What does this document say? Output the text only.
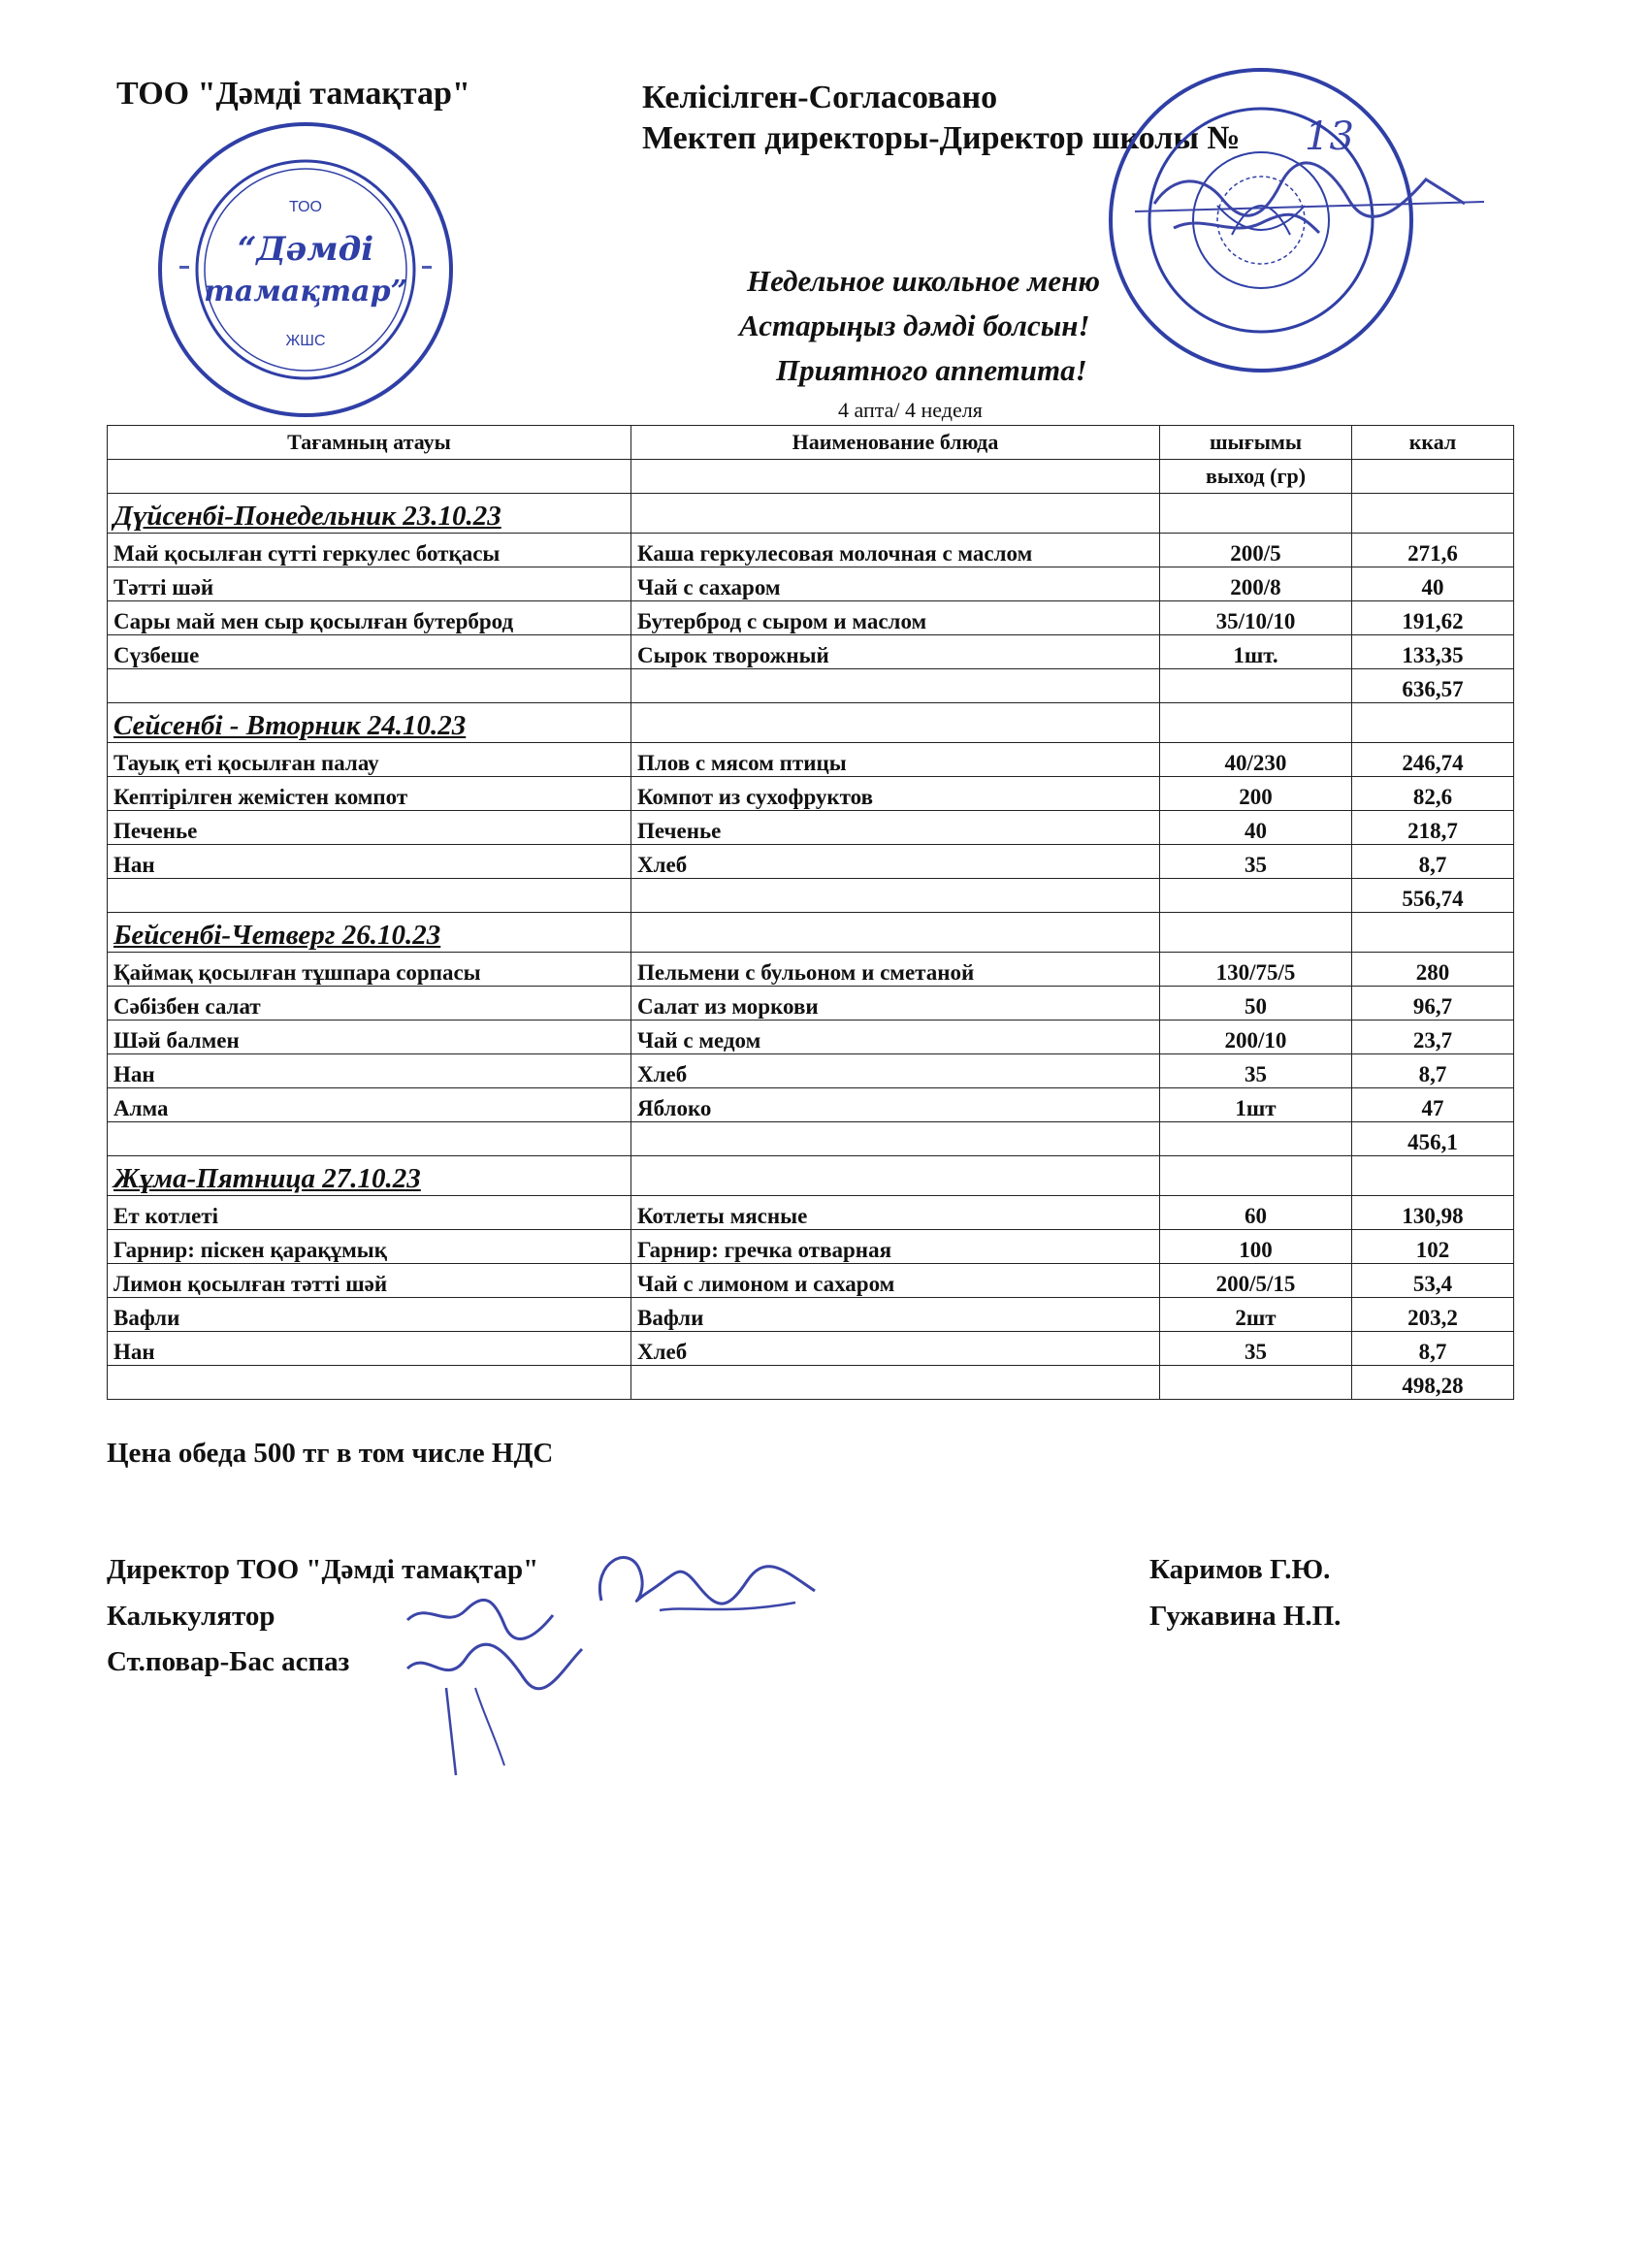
ТОО "Дәмді тамақтар"	Келісілген-Согласовано
Мектеп директоры-Директор школы № 13
ТОО
“Дәмді
тамақтар”
ЖШС
Недельное школьное меню
Астарыңыз дәмді болсын!
Приятного аппетита!
4 апта/ 4 неделя
Тағамның атауы	Наименование блюда	шығымы	ккал
		выход (гр)	
Дүйсенбі-Понедельник 23.10.23			
Май қосылған сүтті геркулес ботқасы	Каша геркулесовая молочная с маслом	200/5	271,6
Тәтті шәй	Чай с сахаром	200/8	40
Сары май мен сыр қосылған бутерброд	Бутерброд с сыром и маслом	35/10/10	191,62
Сүзбеше	Сырок творожный	1шт.	133,35
			636,57
Сейсенбі - Вторник 24.10.23			
Тауық еті қосылған палау	Плов с мясом птицы	40/230	246,74
Кептірілген жемістен компот	Компот из сухофруктов	200	82,6
Печенье	Печенье	40	218,7
Нан	Хлеб	35	8,7
			556,74
Бейсенбі-Четверг 26.10.23			
Қаймақ қосылған тұшпара сорпасы	Пельмени с бульоном и сметаной	130/75/5	280
Сәбізбен салат	Салат из моркови	50	96,7
Шәй балмен	Чай с медом	200/10	23,7
Нан	Хлеб	35	8,7
Алма	Яблоко	1шт	47
			456,1
Жұма-Пятница 27.10.23			
Ет котлеті	Котлеты мясные	60	130,98
Гарнир: піскен қарақұмық	Гарнир: гречка отварная	100	102
Лимон қосылған тәтті шәй	Чай с лимоном и сахаром	200/5/15	53,4
Вафли	Вафли	2шт	203,2
Нан	Хлеб	35	8,7
			498,28
Цена обеда 500 тг в том числе НДС
Директор ТОО "Дәмді тамақтар"	Каримов Г.Ю.
Калькулятор	Гужавина Н.П.
Ст.повар-Бас аспаз
